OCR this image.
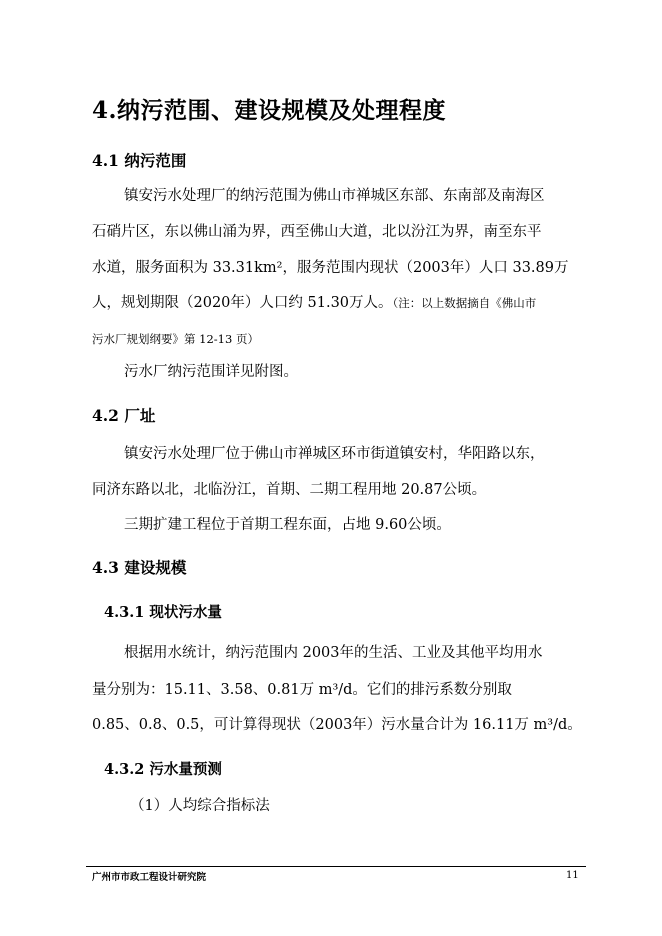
4.纳污范围、建设规模及处理程度
4.1 纳污范围
镇安污水处理厂的纳污范围为佛山市禅城区东部、东南部及南海区
石硝片区，东以佛山涌为界，西至佛山大道，北以汾江为界，南至东平
水道，服务面积为 33.31km²，服务范围内现状（2003年）人口 33.89万
人，规划期限（2020年）人口约 51.30万人。（注：以上数据摘自《佛山市
污水厂规划纲要》第 12-13 页）
污水厂纳污范围详见附图。
4.2 厂址
镇安污水处理厂位于佛山市禅城区环市街道镇安村，华阳路以东，
同济东路以北，北临汾江，首期、二期工程用地 20.87公顷。
三期扩建工程位于首期工程东面，占地 9.60公顷。
4.3 建设规模
4.3.1 现状污水量
根据用水统计，纳污范围内 2003年的生活、工业及其他平均用水
量分别为：15.11、3.58、0.81万 m³/d。它们的排污系数分别取
0.85、0.8、0.5，可计算得现状（2003年）污水量合计为 16.11万 m³/d。
4.3.2 污水量预测
（1）人均综合指标法
广州市市政工程设计研究院	11
